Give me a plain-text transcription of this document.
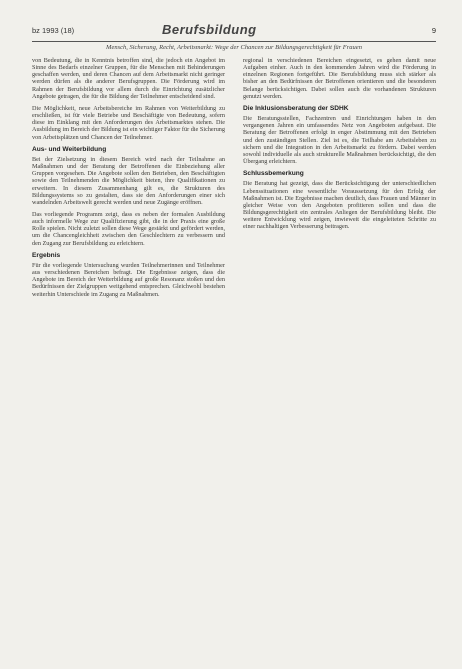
bz 1993 (18)	Berufsbildung	9
Mensch, Sicherung, Recht, Arbeitsmarkt: Wege der Chancen zur Bildungsgerechtigkeit für Frauen

von Bedeutung, die in Kenntnis betroffen sind, die jedoch ein Angebot im Sinne des Bedarfs einzelner Gruppen, für die Menschen mit Behinderungen geschaffen werden, und deren Chancen auf dem Arbeitsmarkt nicht geringer werden dürfen als die anderer Berufsgruppen. Die Förderung wird im Rahmen der Berufsbildung vor allem durch die Einrichtung zusätzlicher Angebote getragen, die für die Bildung der Teilnehmer entscheidend sind.

Die Möglichkeit, neue Arbeitsbereiche im Rahmen von Weiterbildung zu erschließen, ist für viele Betriebe und Beschäftigte von Bedeutung, sofern diese im Einklang mit den Anforderungen des Arbeitsmarktes stehen. Die Ausbildung im Bereich der Bildung ist ein wichtiger Faktor für die Sicherung von Arbeitsplätzen und Chancen der Teilnehmer.

Aus- und Weiterbildung

Bei der Zielsetzung in diesem Bereich wird nach der Teilnahme an Maßnahmen und der Beratung der Betroffenen die Einbeziehung aller Gruppen vorgesehen. Die Angebote sollen den Betrieben, den Beschäftigten sowie den Teilnehmenden die Möglichkeit bieten, ihre Qualifikationen zu erweitern. In diesem Zusammenhang gilt es, die Strukturen des Bildungssystems so zu gestalten, dass sie den Anforderungen einer sich wandelnden Arbeitswelt gerecht werden und neue Zugänge eröffnen.

Das vorliegende Programm zeigt, dass es neben der formalen Ausbildung auch informelle Wege zur Qualifizierung gibt, die in der Praxis eine große Rolle spielen. Nicht zuletzt sollen diese Wege gestärkt und gefördert werden, um die Chancengleichheit zwischen den Geschlechtern zu verbessern und den Zugang zur Berufsbildung zu erleichtern.

Ergebnis

Für die vorliegende Untersuchung wurden Teilnehmerinnen und Teilnehmer aus verschiedenen Bereichen befragt. Die Ergebnisse zeigen, dass die Angebote im Bereich der Weiterbildung auf große Resonanz stoßen und den Bedürfnissen der Zielgruppen weitgehend entsprechen. Gleichwohl bestehen weiterhin Unterschiede im Zugang zu Maßnahmen.

regional in verschiedenen Bereichen eingesetzt, es gehen damit neue Aufgaben einher. Auch in den kommenden Jahren wird die Förderung in einzelnen Regionen fortgeführt. Die Berufsbildung muss sich stärker als bisher an den Bedürfnissen der Betroffenen orientieren und die besonderen Belange berücksichtigen. Dabei sollen auch die vorhandenen Strukturen genutzt werden.

Die Inklusionsberatung der SDHK

Die Beratungsstellen, Fachzentren und Einrichtungen haben in den vergangenen Jahren ein umfassendes Netz von Angeboten aufgebaut. Die Beratung der Betroffenen erfolgt in enger Abstimmung mit den Betrieben und den zuständigen Stellen. Ziel ist es, die Teilhabe am Arbeitsleben zu sichern und die Integration in den Arbeitsmarkt zu fördern. Dabei werden sowohl individuelle als auch strukturelle Maßnahmen berücksichtigt, die den Übergang erleichtern.

Schlussbemerkung

Die Beratung hat gezeigt, dass die Berücksichtigung der unterschiedlichen Lebenssituationen eine wesentliche Voraussetzung für den Erfolg der Maßnahmen ist. Die Ergebnisse machen deutlich, dass Frauen und Männer in gleicher Weise von den Angeboten profitieren sollen und dass die Bildungsgerechtigkeit ein zentrales Anliegen der Berufsbildung bleibt. Die weitere Entwicklung wird zeigen, inwieweit die eingeleiteten Schritte zu einer nachhaltigen Verbesserung beitragen.
